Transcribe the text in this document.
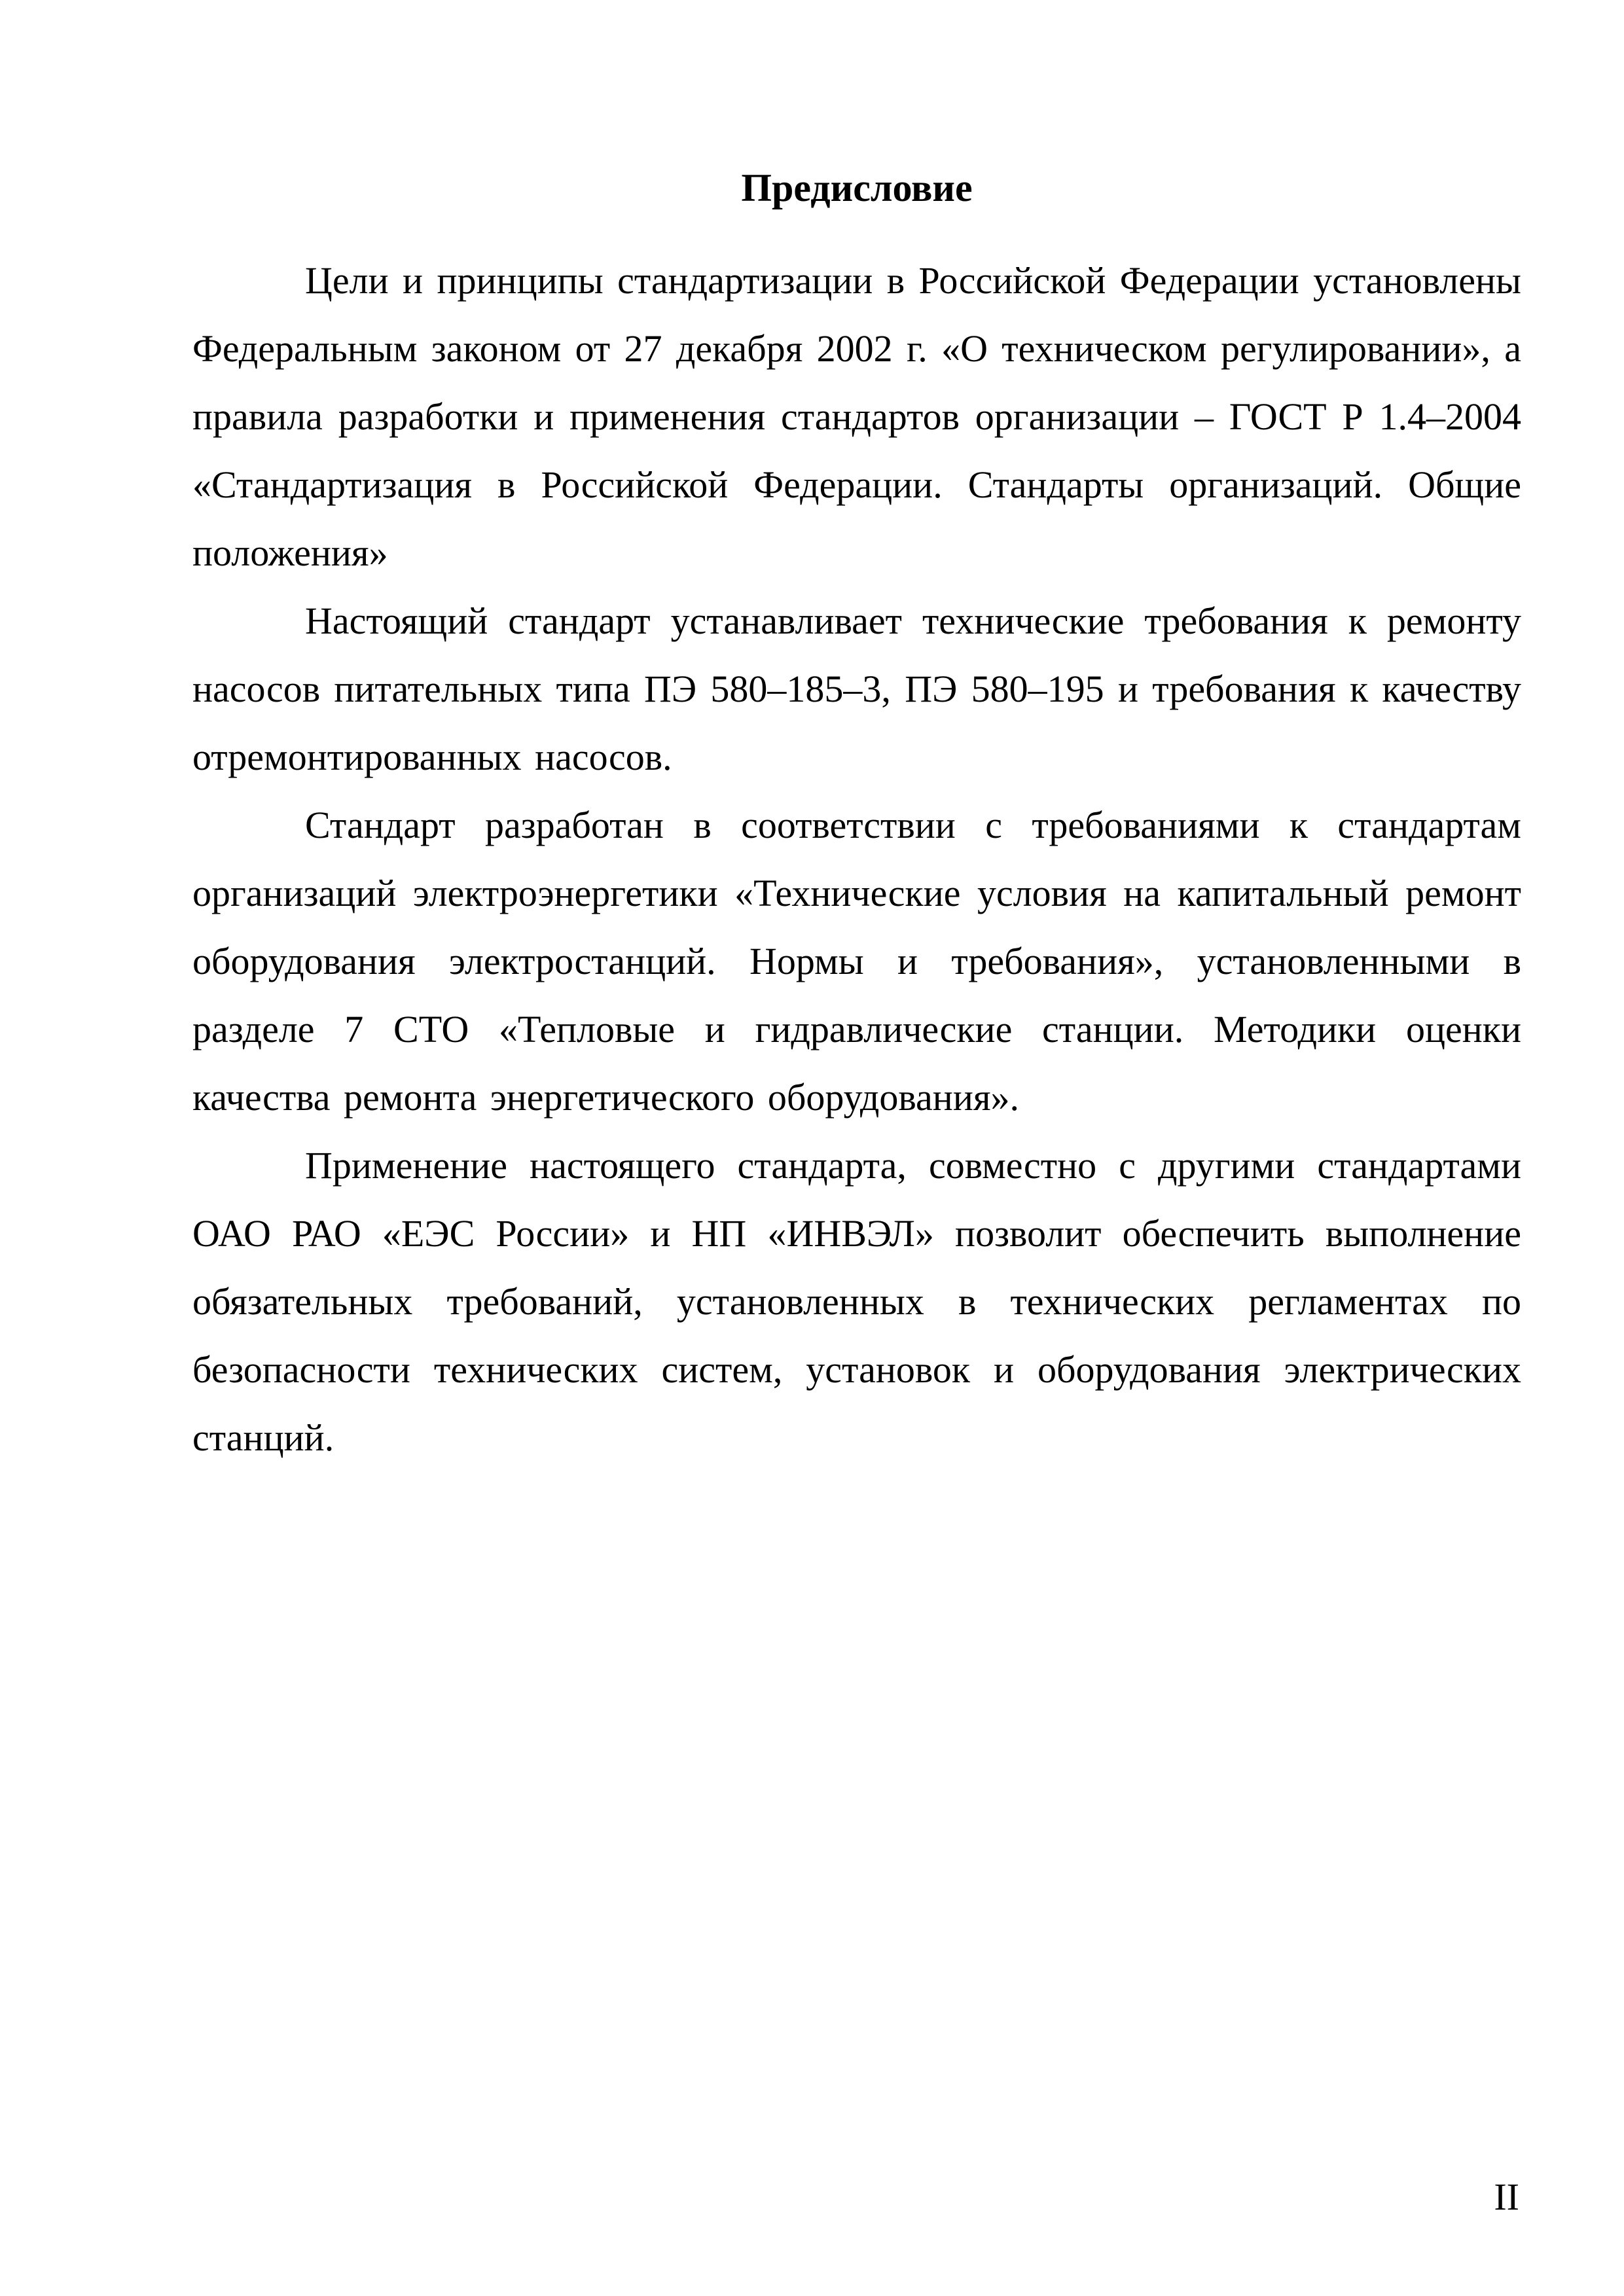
Предисловие

Цели и принципы стандартизации в Российской Федерации установлены Федеральным законом от 27 декабря 2002 г. «О техническом регулировании», а правила разработки и применения стандартов организации – ГОСТ Р 1.4–2004 «Стандартизация в Российской Федерации. Стандарты организаций. Общие положения»

Настоящий стандарт устанавливает технические требования к ремонту насосов питательных типа ПЭ 580–185–3, ПЭ 580–195 и требования к качеству отремонтированных насосов.

Стандарт разработан в соответствии с требованиями к стандартам организаций электроэнергетики «Технические условия на капитальный ремонт оборудования электростанций. Нормы и требования», установленными в разделе 7 СТО «Тепловые и гидравлические станции. Методики оценки качества ремонта энергетического оборудования».

Применение настоящего стандарта, совместно с другими стандартами ОАО РАО «ЕЭС России» и НП «ИНВЭЛ» позволит обеспечить выполнение обязательных требований, установленных в технических регламентах по безопасности технических систем, установок и оборудования электрических станций.

II
